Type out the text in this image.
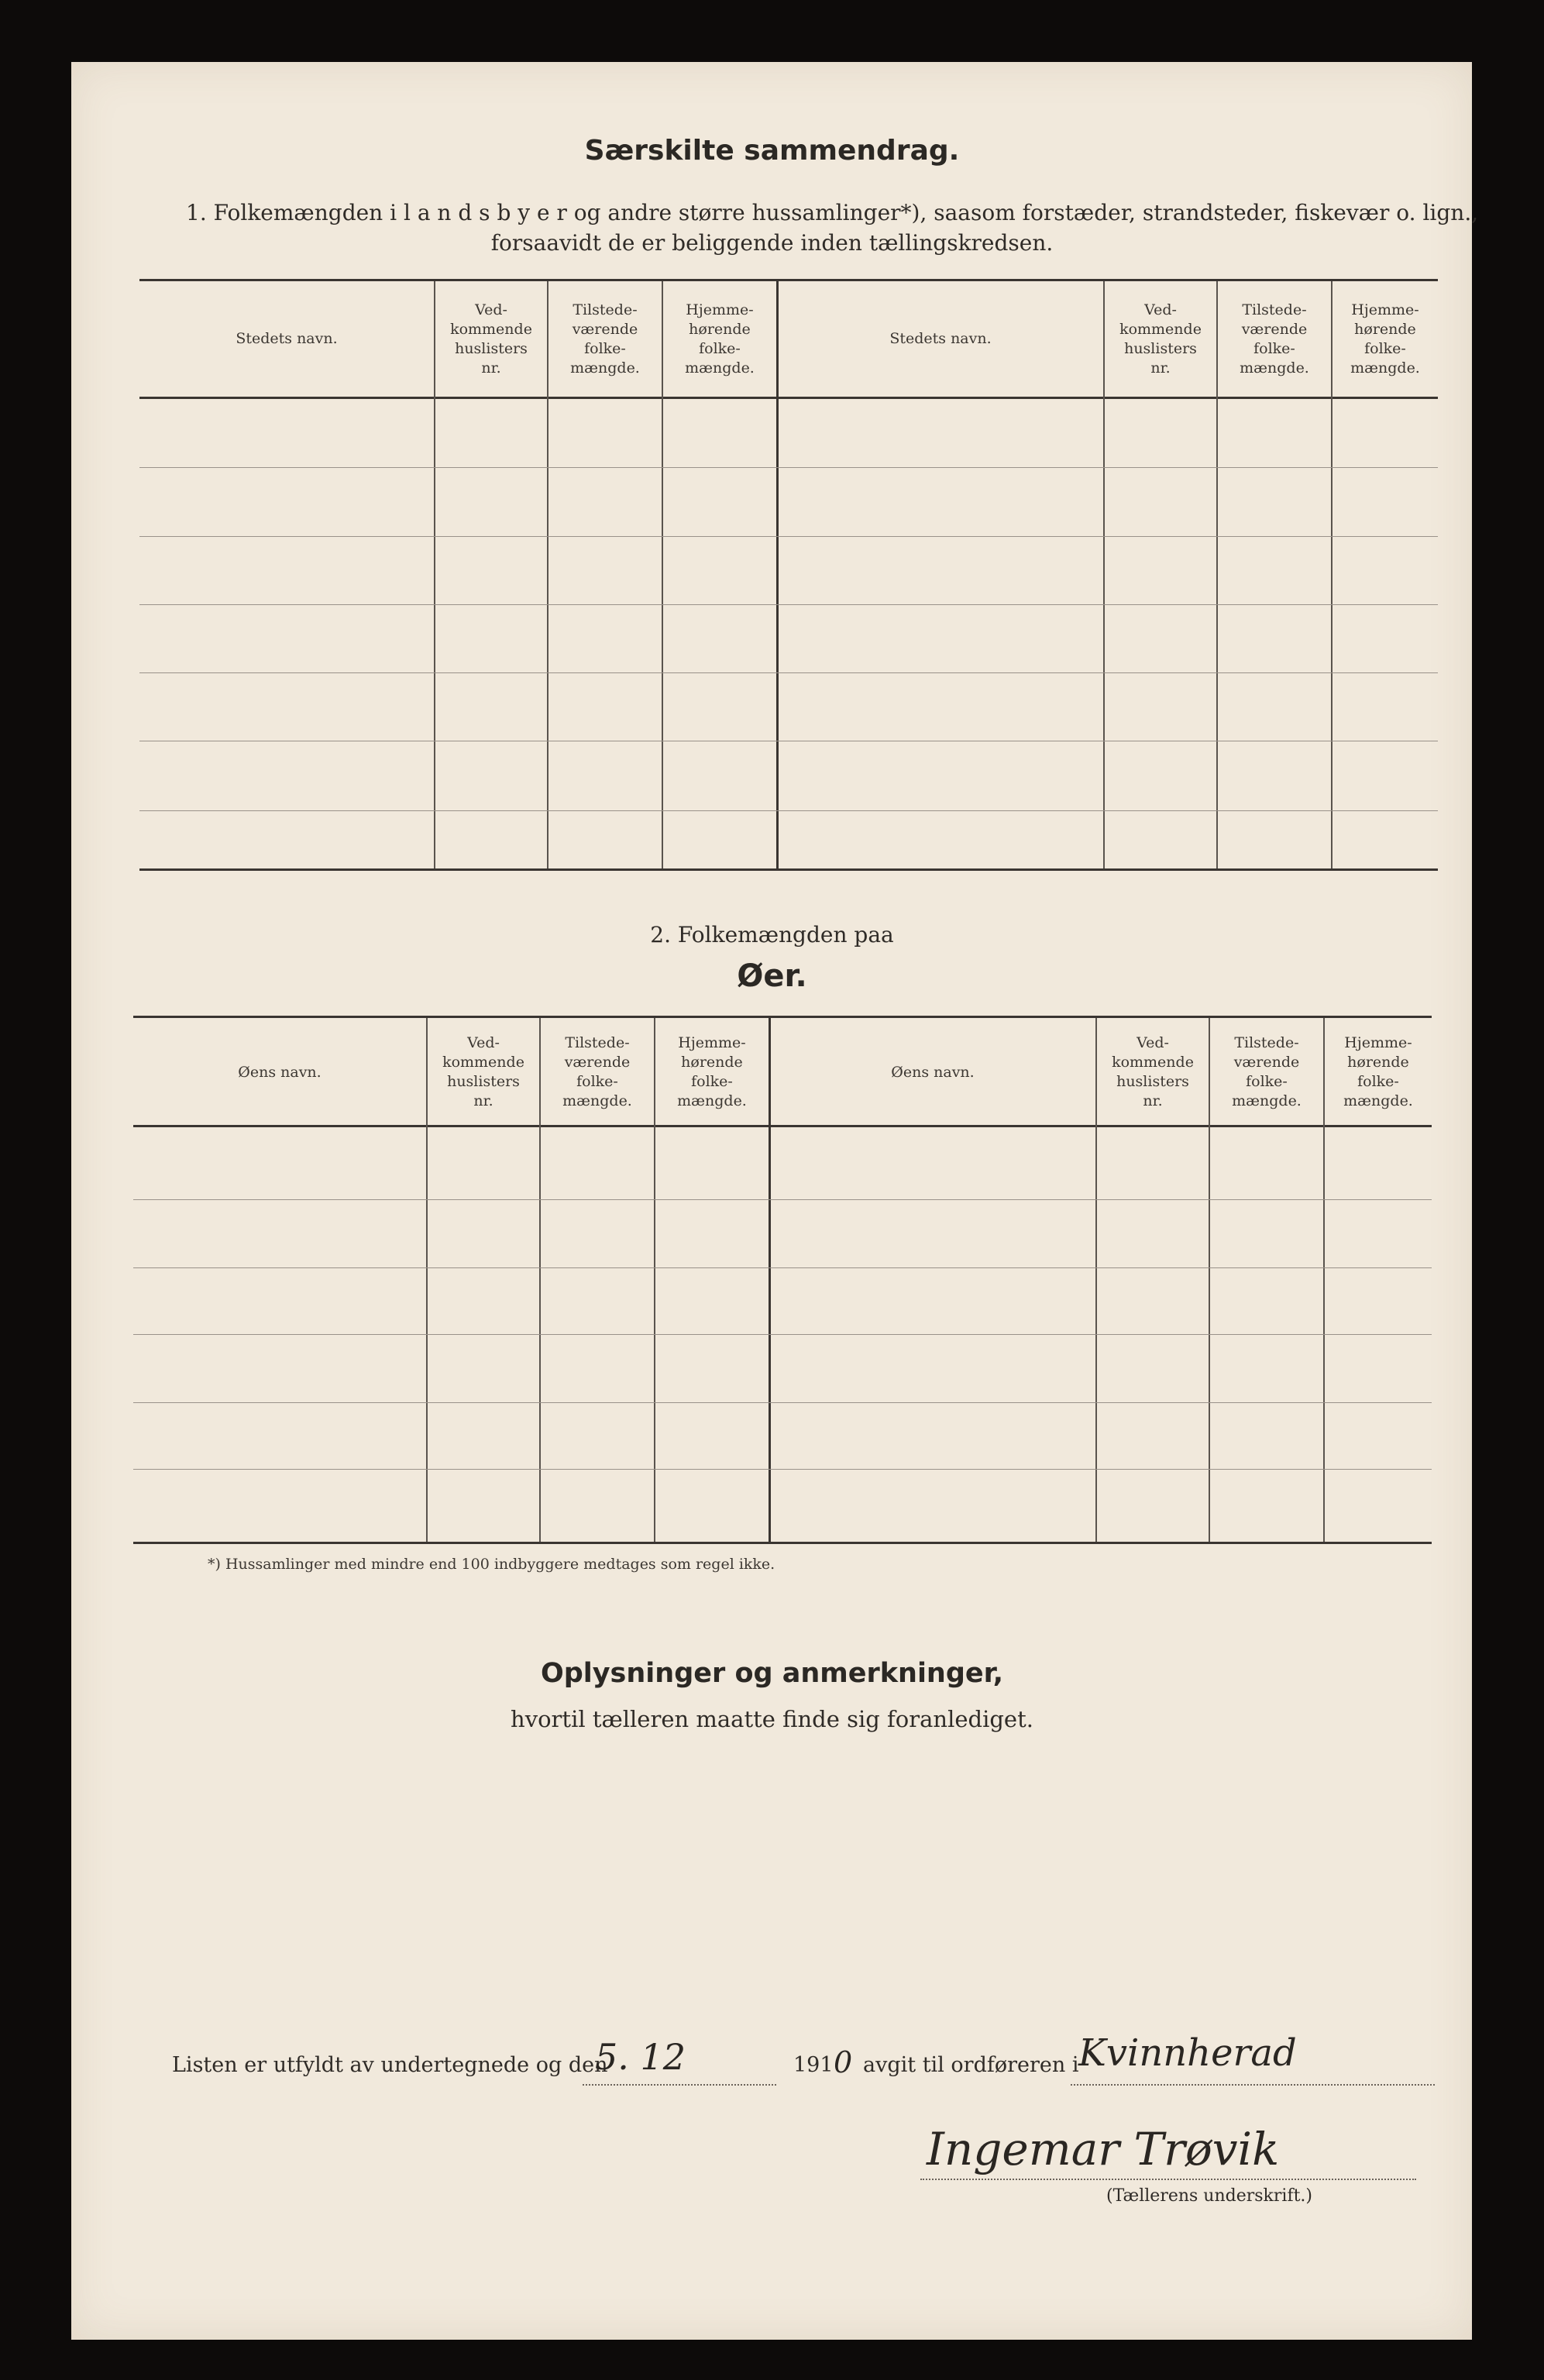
Særskilte sammendrag.
1. Folkemængden i l a n d s b y e r og andre større hussamlinger*), saasom forstæder, strandsteder, fiskevær o. lign.,
forsaavidt de er beliggende inden tællingskredsen.
Stedets navn.
Ved-
kommende
huslisters
nr.
Tilstede-
værende
folke-
mængde.
Hjemme-
hørende
folke-
mængde.
Stedets navn.
Ved-
kommende
huslisters
nr.
Tilstede-
værende
folke-
mængde.
Hjemme-
hørende
folke-
mængde.
2. Folkemængden paa
Øer.
Øens navn.
Ved-
kommende
huslisters
nr.
Tilstede-
værende
folke-
mængde.
Hjemme-
hørende
folke-
mængde.
Øens navn.
Ved-
kommende
huslisters
nr.
Tilstede-
værende
folke-
mængde.
Hjemme-
hørende
folke-
mængde.
*) Hussamlinger med mindre end 100 indbyggere medtages som regel ikke.
Oplysninger og anmerkninger,
hvortil tælleren maatte finde sig foranlediget.
Listen er utfyldt av undertegnede og den
5. 12	191 0 avgit til ordføreren i Kvinnherad
Ingemar Trøvik
(Tællerens underskrift.)
